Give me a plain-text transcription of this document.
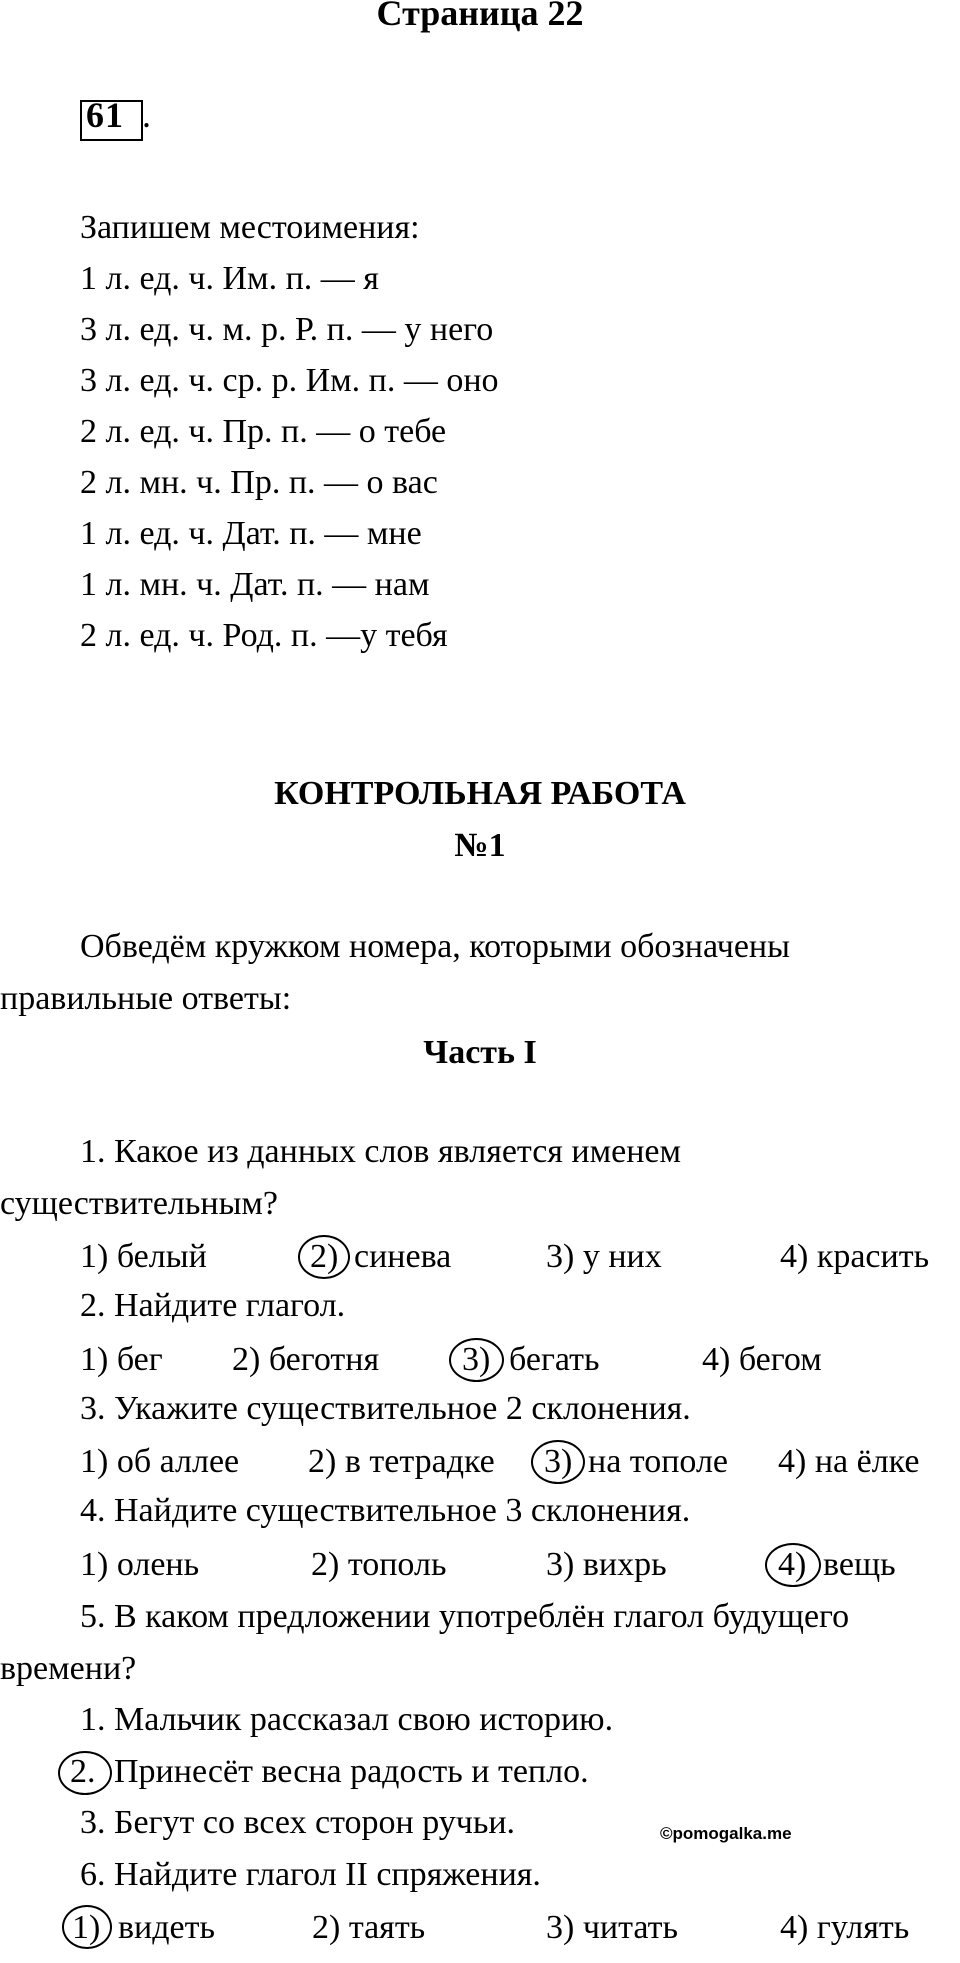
Страница 22
61 .
Запишем местоимения:
1 л. ед. ч. Им. п. — я
3 л. ед. ч. м. р. Р. п. — у него
3 л. ед. ч. ср. р. Им. п. — оно
2 л. ед. ч. Пр. п. — о тебе
2 л. мн. ч. Пр. п. — о вас
1 л. ед. ч. Дат. п. — мне
1 л. мн. ч. Дат. п. — нам
2 л. ед. ч. Род. п. —у тебя
КОНТРОЛЬНАЯ РАБОТА
№1
Обведём кружком номера, которыми обозначены
правильные ответы:
Часть I
1. Какое из данных слов является именем
существительным?
1) белый	2) синева	3) у них	4) красить
2. Найдите глагол.
1) бег 2) беготня 3) бегать	4) бегом
3. Укажите существительное 2 склонения.
1) об аллее 2) в тетрадке 3) на тополе 4) на ёлке
4. Найдите существительное 3 склонения.
1) олень	2) тополь	3) вихрь	4) вещь
5. В каком предложении употреблён глагол будущего
времени?
1. Мальчик рассказал свою историю.
2. Принесёт весна радость и тепло.
3. Бегут со всех сторон ручьи.	©pomogalka.me
6. Найдите глагол II спряжения.
1) видеть	2) таять	3) читать	4) гулять
